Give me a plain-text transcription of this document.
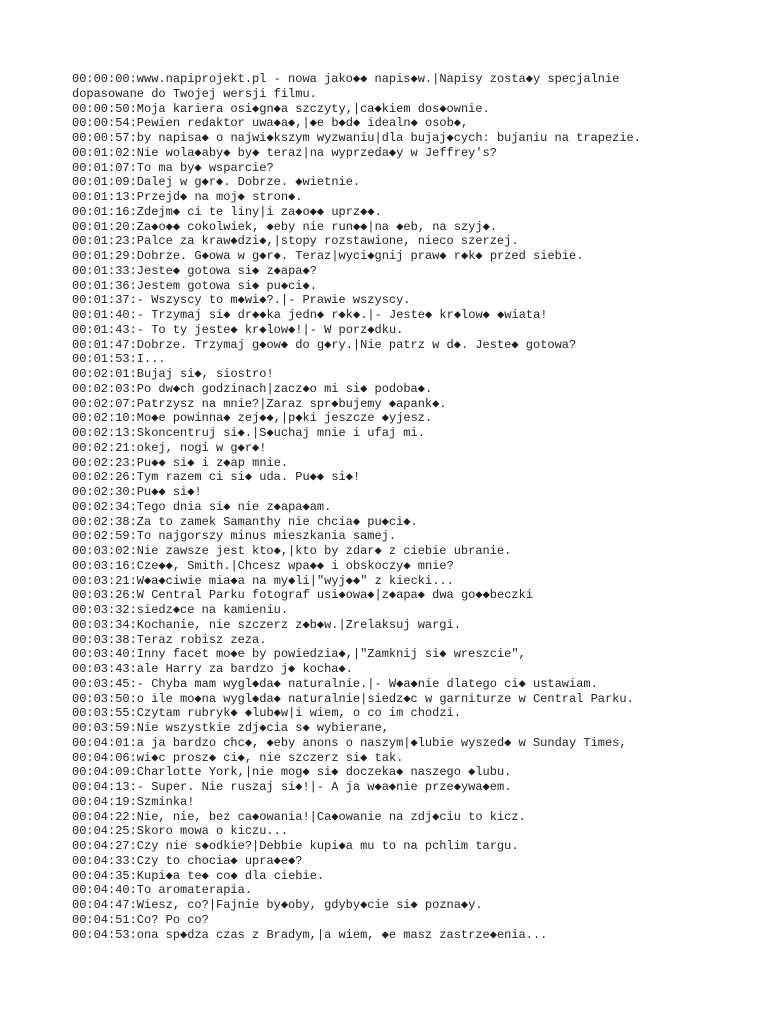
00:00:00:www.napiprojekt.pl - nowa jako◆◆ napis◆w.|Napisy zosta◆y specjalnie
dopasowane do Twojej wersji filmu.
00:00:50:Moja kariera osi◆gn◆a szczyty,|ca◆kiem dos◆ownie.
00:00:54:Pewien redaktor uwa◆a◆,|◆e b◆d◆ idealn◆ osob◆,
00:00:57:by napisa◆ o najwi◆kszym wyzwaniu|dla bujaj◆cych: bujaniu na trapezie.
00:01:02:Nie wola◆aby◆ by◆ teraz|na wyprzeda◆y w Jeffrey's?
00:01:07:To ma by◆ wsparcie?
00:01:09:Dalej w g◆r◆. Dobrze. ◆wietnie.
00:01:13:Przejd◆ na moj◆ stron◆.
00:01:16:Zdejm◆ ci te liny|i za◆o◆◆ uprz◆◆.
00:01:20:Za◆o◆◆ cokolwiek, ◆eby nie run◆◆|na ◆eb, na szyj◆.
00:01:23:Palce za kraw◆dzi◆,|stopy rozstawione, nieco szerzej.
00:01:29:Dobrze. G◆owa w g◆r◆. Teraz|wyci◆gnij praw◆ r◆k◆ przed siebie.
00:01:33:Jeste◆ gotowa si◆ z◆apa◆?
00:01:36:Jestem gotowa si◆ pu◆ci◆.
00:01:37:- Wszyscy to m◆wi◆?.|- Prawie wszyscy.
00:01:40:- Trzymaj si◆ dr◆◆ka jedn◆ r◆k◆.|- Jeste◆ kr◆low◆ ◆wiata!
00:01:43:- To ty jeste◆ kr◆low◆!|- W porz◆dku.
00:01:47:Dobrze. Trzymaj g◆ow◆ do g◆ry.|Nie patrz w d◆. Jeste◆ gotowa?
00:01:53:I...
00:02:01:Bujaj si◆, siostro!
00:02:03:Po dw◆ch godzinach|zacz◆o mi si◆ podoba◆.
00:02:07:Patrzysz na mnie?|Zaraz spr◆bujemy ◆apank◆.
00:02:10:Mo◆e powinna◆ zej◆◆,|p◆ki jeszcze ◆yjesz.
00:02:13:Skoncentruj si◆.|S◆uchaj mnie i ufaj mi.
00:02:21:okej, nogi w g◆r◆!
00:02:23:Pu◆◆ si◆ i z◆ap mnie.
00:02:26:Tym razem ci si◆ uda. Pu◆◆ si◆!
00:02:30:Pu◆◆ si◆!
00:02:34:Tego dnia si◆ nie z◆apa◆am.
00:02:38:Za to zamek Samanthy nie chcia◆ pu◆ci◆.
00:02:59:To najgorszy minus mieszkania samej.
00:03:02:Nie zawsze jest kto◆,|kto by zdar◆ z ciebie ubranie.
00:03:16:Cze◆◆, Smith.|Chcesz wpa◆◆ i obskoczy◆ mnie?
00:03:21:W◆a◆ciwie mia◆a na my◆li|"wyj◆◆" z kiecki...
00:03:26:W Central Parku fotograf usi◆owa◆|z◆apa◆ dwa go◆◆beczki
00:03:32:siedz◆ce na kamieniu.
00:03:34:Kochanie, nie szczerz z◆b◆w.|Zrelaksuj wargi.
00:03:38:Teraz robisz zeza.
00:03:40:Inny facet mo◆e by powiedzia◆,|"Zamknij si◆ wreszcie",
00:03:43:ale Harry za bardzo j◆ kocha◆.
00:03:45:- Chyba mam wygl◆da◆ naturalnie.|- W◆a◆nie dlatego ci◆ ustawiam.
00:03:50:o ile mo◆na wygl◆da◆ naturalnie|siedz◆c w garniturze w Central Parku.
00:03:55:Czytam rubryk◆ ◆lub◆w|i wiem, o co im chodzi.
00:03:59:Nie wszystkie zdj◆cia s◆ wybierane,
00:04:01:a ja bardzo chc◆, ◆eby anons o naszym|◆lubie wyszed◆ w Sunday Times,
00:04:06:wi◆c prosz◆ ci◆, nie szczerz si◆ tak.
00:04:09:Charlotte York,|nie mog◆ si◆ doczeka◆ naszego ◆lubu.
00:04:13:- Super. Nie ruszaj si◆!|- A ja w◆a◆nie prze◆ywa◆em.
00:04:19:Szminka!
00:04:22:Nie, nie, bez ca◆owania!|Ca◆owanie na zdj◆ciu to kicz.
00:04:25:Skoro mowa o kiczu...
00:04:27:Czy nie s◆odkie?|Debbie kupi◆a mu to na pchlim targu.
00:04:33:Czy to chocia◆ upra◆e◆?
00:04:35:Kupi◆a te◆ co◆ dla ciebie.
00:04:40:To aromaterapia.
00:04:47:Wiesz, co?|Fajnie by◆oby, gdyby◆cie si◆ pozna◆y.
00:04:51:Co? Po co?
00:04:53:ona sp◆dza czas z Bradym,|a wiem, ◆e masz zastrze◆enia...
